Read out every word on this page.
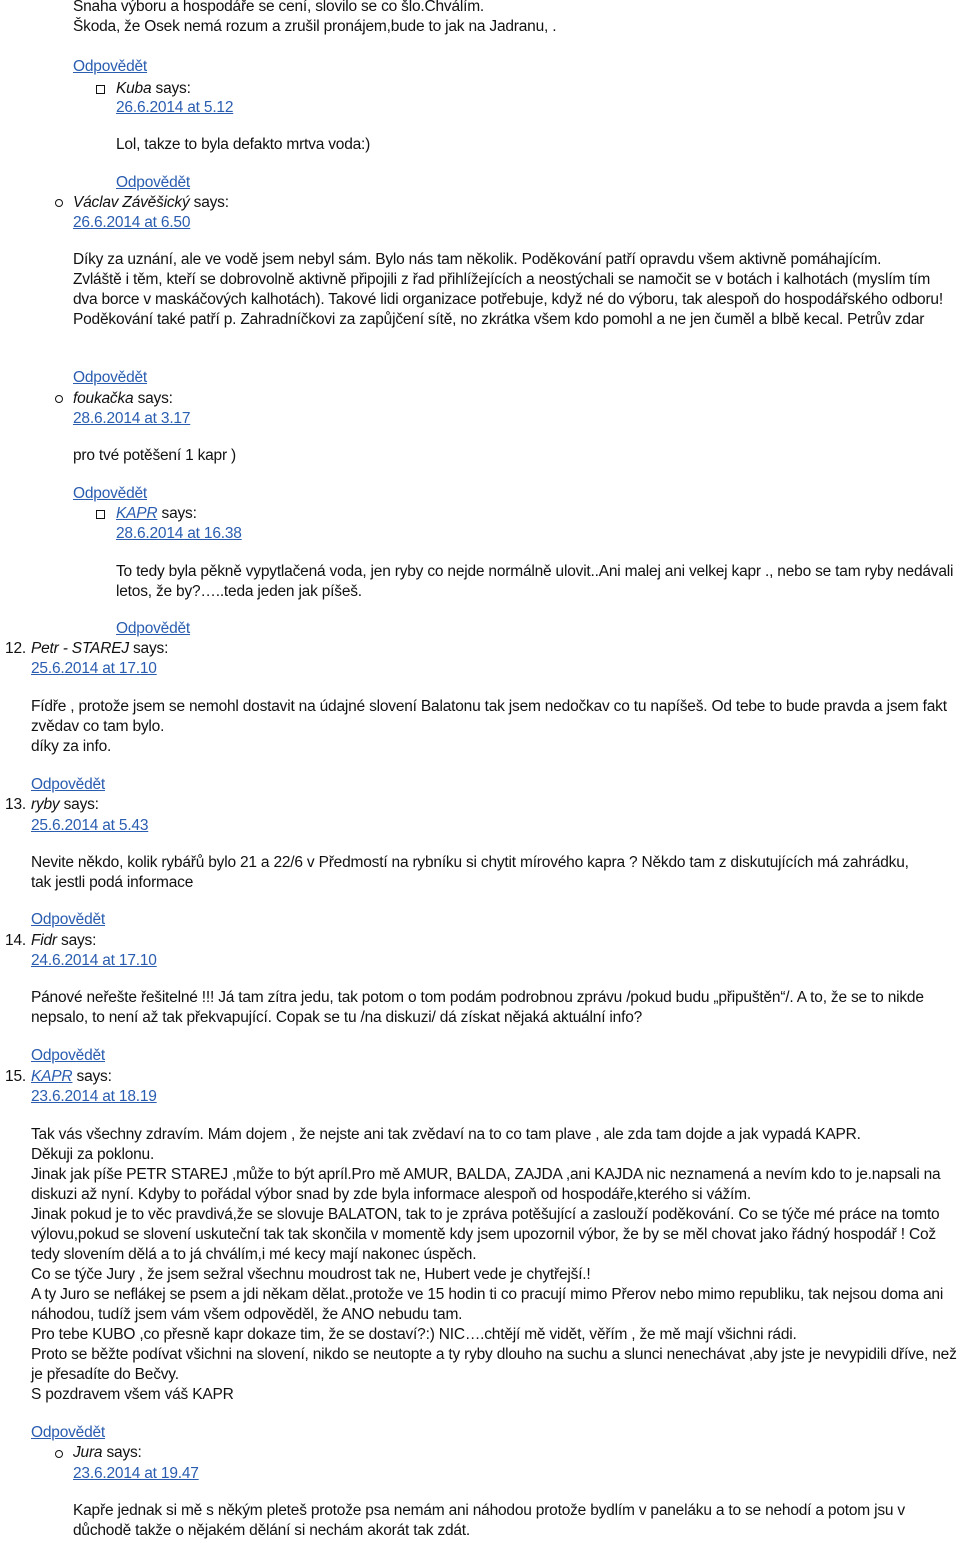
Snaha výboru a hospodáře se cení, slovilo se co šlo.Chválím.
Škoda, že Osek nemá rozum a zrušil pronájem,bude to jak na Jadranu, .
Odpovědět
Kuba says:
26.6.2014 at 5.12
Lol, takze to byla defakto mrtva voda:)
Odpovědět
Václav Závěšický says:
26.6.2014 at 6.50

Díky za uznání, ale ve vodě jsem nebyl sám. Bylo nás tam několik. Poděkování patří opravdu všem aktivně pomáhajícím.

Zvláště i těm, kteří se dobrovolně aktivně připojili z řad přihlížejících a neostýchali se namočit se v botách i kalhotách (myslím tím dva borce v maskáčových kalhotách). Takové lidi organizace potřebuje, když né do výboru, tak alespoň do hospodářského odboru! Poděkování také patří p. Zahradníčkovi za zapůjčení sítě, no zkrátka všem kdo pomohl a ne jen čuměl a blbě kecal. Petrův zdar

Odpovědět
foukačka says:
28.6.2014 at 3.17
pro tvé potěšení 1 kapr )
Odpovědět
KAPR says:
28.6.2014 at 16.38

To tedy byla pěkně vypytlačená voda, jen ryby co nejde normálně ulovit..Ani malej ani velkej kapr ., nebo se tam ryby nedávali letos, že by?…..teda jeden jak píšeš.

Odpovědět
12. Petr - STAREJ says:
25.6.2014 at 17.10

Fídře , protože jsem se nemohl dostavit na údajné slovení Balatonu tak jsem nedočkav co tu napíšeš. Od tebe to bude pravda a jsem fakt zvědav co tam bylo.

díky za info.

Odpovědět
13. ryby says:
25.6.2014 at 5.43

Nevite někdo, kolik rybářů bylo 21 a 22/6 v Předmostí na rybníku si chytit mírového kapra ? Někdo tam z diskutujících má zahrádku, tak jestli podá informace

Odpovědět
14. Fidr says:
24.6.2014 at 17.10

Pánové neřešte řešitelné !!! Já tam zítra jedu, tak potom o tom podám podrobnou zprávu /pokud budu „připuštěn“/. A to, že se to nikde nepsalo, to není až tak překvapující. Copak se tu /na diskuzi/ dá získat nějaká aktuální info?

Odpovědět
15. KAPR says:
23.6.2014 at 18.19

Tak vás všechny zdravím. Mám dojem , že nejste ani tak zvědaví na to co tam plave , ale zda tam dojde a jak vypadá KAPR.

Děkuji za poklonu.

Jinak jak píše PETR STAREJ ,může to být apríl.Pro mě AMUR, BALDA, ZAJDA ,ani KAJDA nic neznamená a nevím kdo to je.napsali na diskuzi až nyní. Kdyby to pořádal výbor snad by zde byla informace alespoň od hospodáře,kterého si vážím.

Jinak pokud je to věc pravdivá,že se slovuje BALATON, tak to je zpráva potěšující a zaslouží poděkování. Co se týče mé práce na tomto výlovu,pokud se slovení uskuteční tak tak skončila v momentě kdy jsem upozornil výbor, že by se měl chovat jako řádný hospodář ! Což tedy slovením dělá a to já chválím,i mé kecy mají nakonec úspěch.

Co se týče Jury , že jsem sežral všechnu moudrost tak ne, Hubert vede je chytřejší.!

A ty Juro se neflákej se psem a jdi někam dělat.,protože ve 15 hodin ti co pracují mimo Přerov nebo mimo republiku, tak nejsou doma ani náhodou, tudíž jsem vám všem odpověděl, že ANO nebudu tam.

Pro tebe KUBO ,co přesně kapr dokaze tim, že se dostaví?:) NIC….chtějí mě vidět, věřím , že mě mají všichni rádi.

Proto se běžte podívat všichni na slovení, nikdo se neutopte a ty ryby dlouho na suchu a slunci nenechávat ,aby jste je nevypidili dříve, než je přesadíte do Bečvy.

S pozdravem všem váš KAPR

Odpovědět
Jura says:
23.6.2014 at 19.47

Kapře jednak si mě s někým pleteš protože psa nemám ani náhodou protože bydlím v paneláku a to se nehodí a potom jsu v důchodě takže o nějakém dělání si nechám akorát tak zdát.
